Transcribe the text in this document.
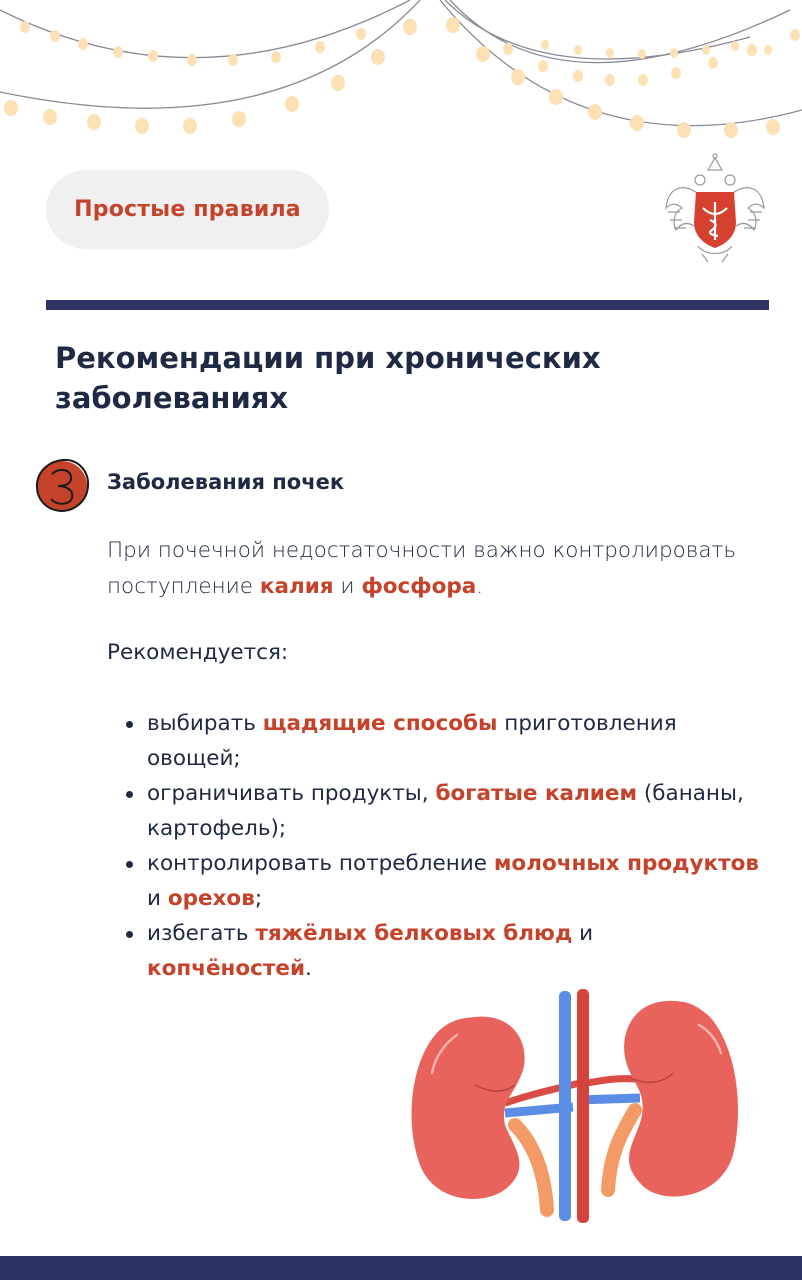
Простые правила
Рекомендации при хронических заболеваниях
Заболевания почек

При почечной недостаточности важно контролировать поступление калия и фосфора.

Рекомендуется:
выбирать щадящие способы приготовления овощей;
ограничивать продукты, богатые калием (бананы, картофель);
контролировать потребление молочных продуктов и орехов;
избегать тяжёлых белковых блюд и копчёностей.
